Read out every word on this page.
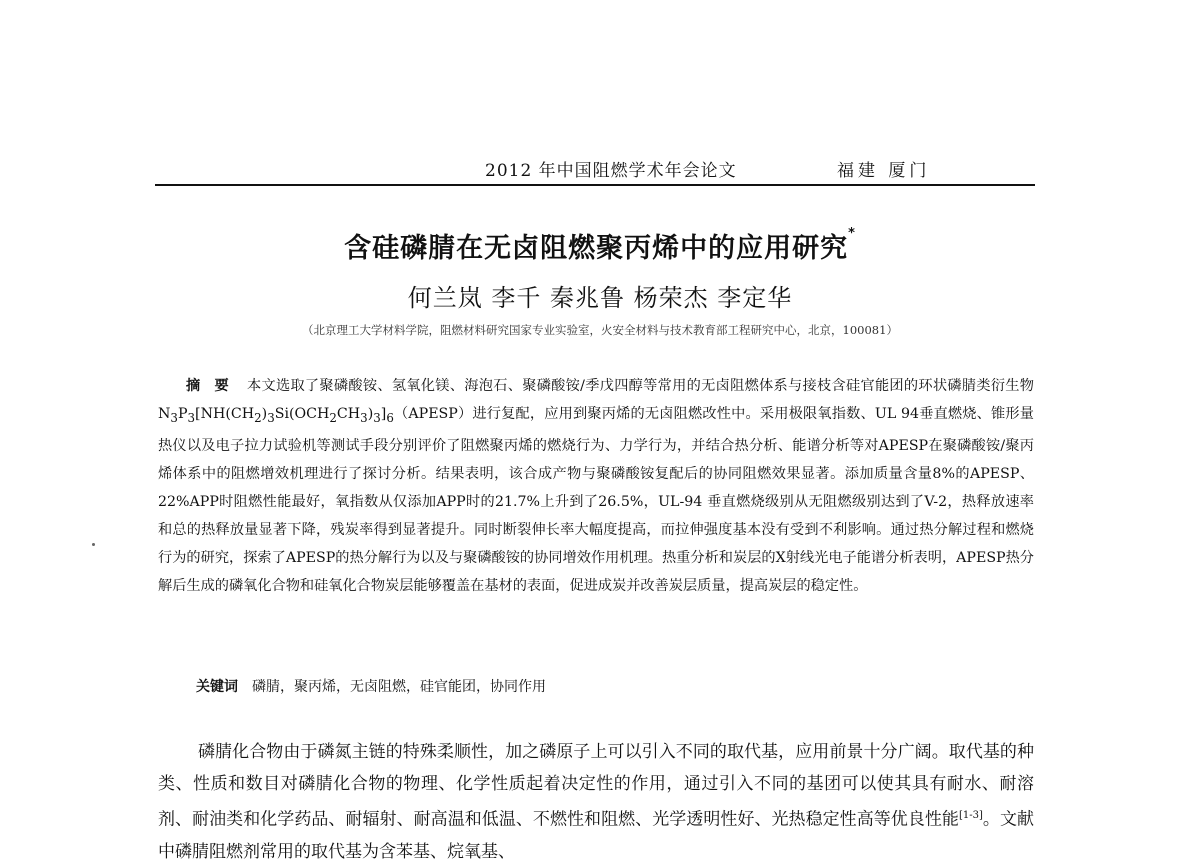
2012 年中国阻燃学术年会论文	福建 厦门
含硅磷腈在无卤阻燃聚丙烯中的应用研究*
何兰岚 李千 秦兆鲁 杨荣杰 李定华
（北京理工大学材料学院，阻燃材料研究国家专业实验室，火安全材料与技术教育部工程研究中心，北京，100081）
摘要 本文选取了聚磷酸铵、氢氧化镁、海泡石、聚磷酸铵/季戊四醇等常用的无卤阻燃体系与接枝含硅官能团的环状磷腈类衍生物$N_3P_3[NH(CH_2)_3Si(OCH_2CH_3)_3]_6(APESP)$进行复配，应用到聚丙烯的无卤阻燃改性中。采用极限氧指数、UL 94垂直燃烧、锥形量热仪以及电子拉力试验机等测试手段分别评价了阻燃聚丙烯的燃烧行为、力学行为，并结合热分析、能谱分析等对APESP在聚磷酸铵/聚丙烯体系中的阻燃增效机理进行了探讨分析。结果表明，该合成产物与聚磷酸铵复配后的协同阻燃效果显著。添加质量含量8%的APESP、22%APP时阻燃性能最好，氧指数从仅添加APP时的21.7%上升到了26.5%，UL-94 垂直燃烧级别从无阻燃级别达到了V-2，热释放速率和总的热释放量显著下降，残炭率得到显著提升。同时断裂伸长率大幅度提高，而拉伸强度基本没有受到不利影响。通过热分解过程和燃烧行为的研究，探索了APESP的热分解行为以及与聚磷酸铵的协同增效作用机理。热重分析和炭层的X射线光电子能谱分析表明，APESP热分解后生成的磷氧化合物和硅氧化合物炭层能够覆盖在基材的表面，促进成炭并改善炭层质量，提高炭层的稳定性。
关键词 磷腈，聚丙烯，无卤阻燃，硅官能团，协同作用
磷腈化合物由于磷氮主链的特殊柔顺性，加之磷原子上可以引入不同的取代基，应用前景十分广阔。取代基的种类、性质和数目对磷腈化合物的物理、化学性质起着决定性的作用，通过引入不同的基团可以使其具有耐水、耐溶剂、耐油类和化学药品、耐辐射、耐高温和低温、不燃性和阻燃、光学透明性好、光热稳定性高等优良性能[1-3]。文献中磷腈阻燃剂常用的取代基为含苯基、烷氧基、
